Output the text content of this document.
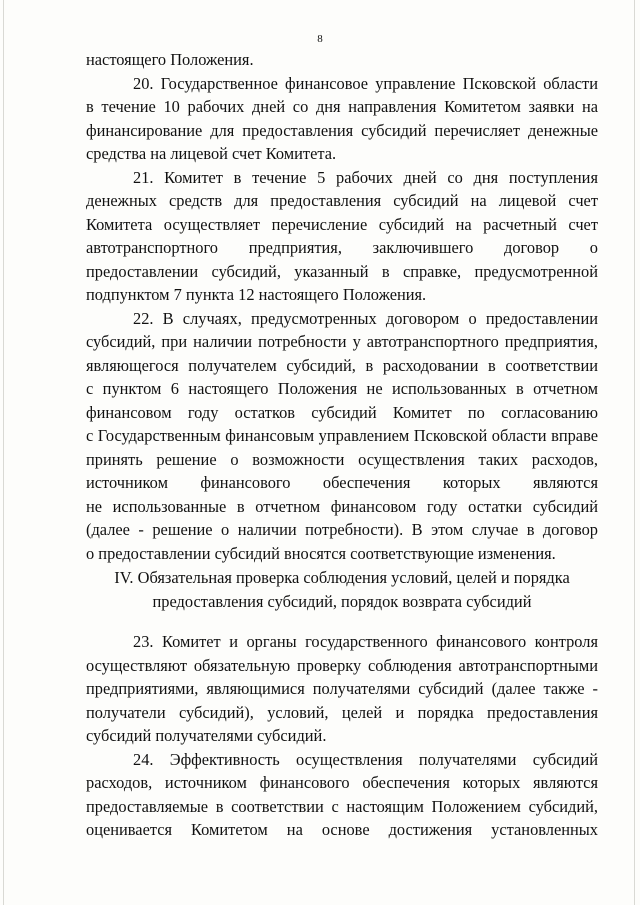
8
настоящего Положения.
20. Государственное финансовое управление Псковской области
в течение 10 рабочих дней со дня направления Комитетом заявки на
финансирование для предоставления субсидий перечисляет денежные
средства на лицевой счет Комитета.
21. Комитет в течение 5 рабочих дней со дня поступления
денежных средств для предоставления субсидий на лицевой счет
Комитета осуществляет перечисление субсидий на расчетный счет
автотранспортного предприятия, заключившего договор о
предоставлении субсидий, указанный в справке, предусмотренной
подпунктом 7 пункта 12 настоящего Положения.
22. В случаях, предусмотренных договором о предоставлении
субсидий, при наличии потребности у автотранспортного предприятия,
являющегося получателем субсидий, в расходовании в соответствии
с пунктом 6 настоящего Положения не использованных в отчетном
финансовом году остатков субсидий Комитет по согласованию
с Государственным финансовым управлением Псковской области вправе
принять решение о возможности осуществления таких расходов,
источником финансового обеспечения которых являются
не использованные в отчетном финансовом году остатки субсидий
(далее - решение о наличии потребности). В этом случае в договор
о предоставлении субсидий вносятся соответствующие изменения.
IV. Обязательная проверка соблюдения условий, целей и порядка
предоставления субсидий, порядок возврата субсидий
23. Комитет и органы государственного финансового контроля
осуществляют обязательную проверку соблюдения автотранспортными
предприятиями, являющимися получателями субсидий (далее также -
получатели субсидий), условий, целей и порядка предоставления
субсидий получателями субсидий.
24. Эффективность осуществления получателями субсидий
расходов, источником финансового обеспечения которых являются
предоставляемые в соответствии с настоящим Положением субсидий,
оценивается Комитетом на основе достижения установленных
